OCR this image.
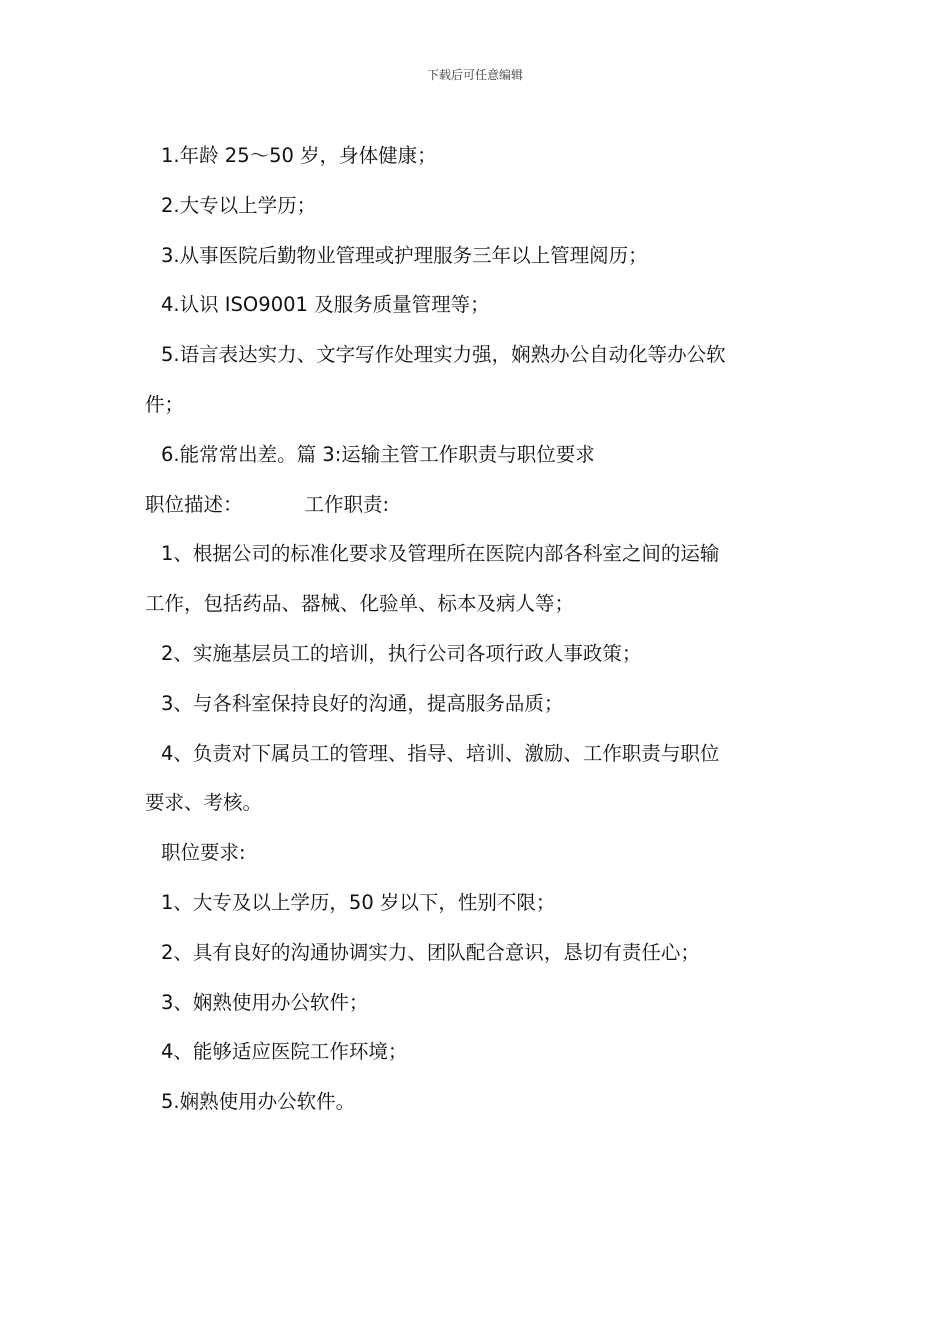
下载后可任意编辑
1.年龄 25～50 岁，身体健康；
2.大专以上学历；
3.从事医院后勤物业管理或护理服务三年以上管理阅历；
4.认识 ISO9001 及服务质量管理等；
5.语言表达实力、文字写作处理实力强，娴熟办公自动化等办公软
件；
6.能常常出差。篇 3:运输主管工作职责与职位要求
职位描述：	工作职责:
1、根据公司的标准化要求及管理所在医院内部各科室之间的运输
工作，包括药品、器械、化验单、标本及病人等；
2、实施基层员工的培训，执行公司各项行政人事政策；
3、与各科室保持良好的沟通，提高服务品质；
4、负责对下属员工的管理、指导、培训、激励、工作职责与职位
要求、考核。
职位要求:
1、大专及以上学历，50 岁以下，性别不限；
2、具有良好的沟通协调实力、团队配合意识，恳切有责任心；
3、娴熟使用办公软件；
4、能够适应医院工作环境；
5.娴熟使用办公软件。
